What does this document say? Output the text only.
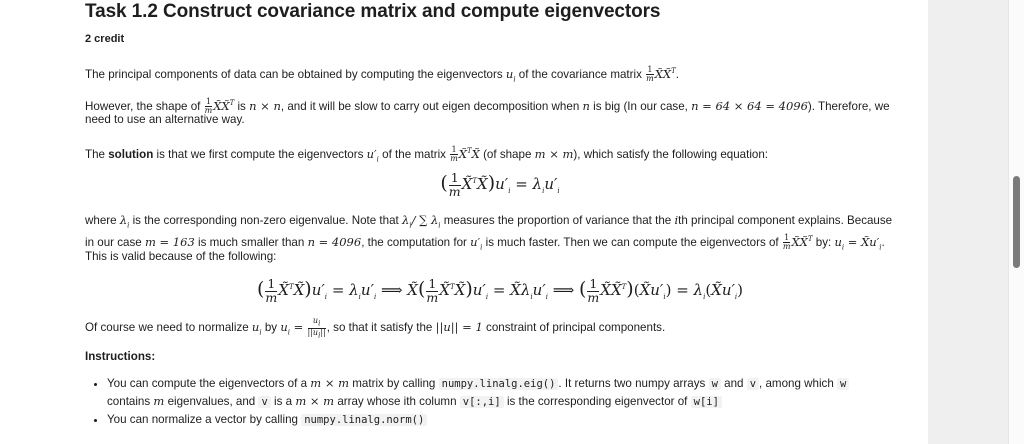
Task 1.2 Construct covariance matrix and compute eigenvectors
2 credit
The principal components of data can be obtained by computing the eigenvectors $u_i$ of the covariance matrix $\frac{1}{m}$ X̃X̃$^T$.
However, the shape of $\frac{1}{m}$ X̃X̃$^T$ is n × n, and it will be slow to carry out eigen decomposition when n is big (In our case, n = 64 × 64 = 4096). Therefore, we
need to use an alternative way.
The solution is that we first compute the eigenvectors $u'_i$ of the matrix $\frac{1}{m}$ X̃$^T$X̃ (of shape m × m), which satisfy the following equation:
( $\frac{1}{m}$ $X̃^TX̃)u'_i = \lambda_iu'_i$
where $\lambda_i$ is the corresponding non-zero eigenvalue. Note that $\lambda_i/$ ∑ $\lambda_i$ measures the proportion of variance that the ith principal component explains. Because
in our case m = 163 is much smaller than n = 4096, the computation for $u'_i$ is much faster. Then we can compute the eigenvectors of $\frac{1}{m}$ X̃X̃$^T$ by: $u_i$ = $X̃u'_i$.
This is valid because of the following:
( $\frac{1}{m}$ $X̃^TX̃)u'_i = \lambda_iu'_i$ ⟹ X̃( $\frac{1}{m}$ $X̃^TX̃)u'_i$ = $X̃\lambda_iu'_i$ ⟹ ( $\frac{1}{m}$ $X̃X̃^T)(X̃u'_i)$ = $\lambda_i(X̃u'_i)$
Of course we need to normalize $u_i$ by $u_i = \frac{u_i}{||u_i||}$ , so that it satisfy the ||u|| = 1 constraint of principal components.
Instructions:
• You can compute the eigenvectors of a m × m matrix by calling numpy.linalg.eig() . It returns two numpy arrays w and v , among which w
contains m eigenvalues, and v is a m × m array whose ith column v[:,i] is the corresponding eigenvector of w[i]
• You can normalize a vector by calling numpy.linalg.norm()
